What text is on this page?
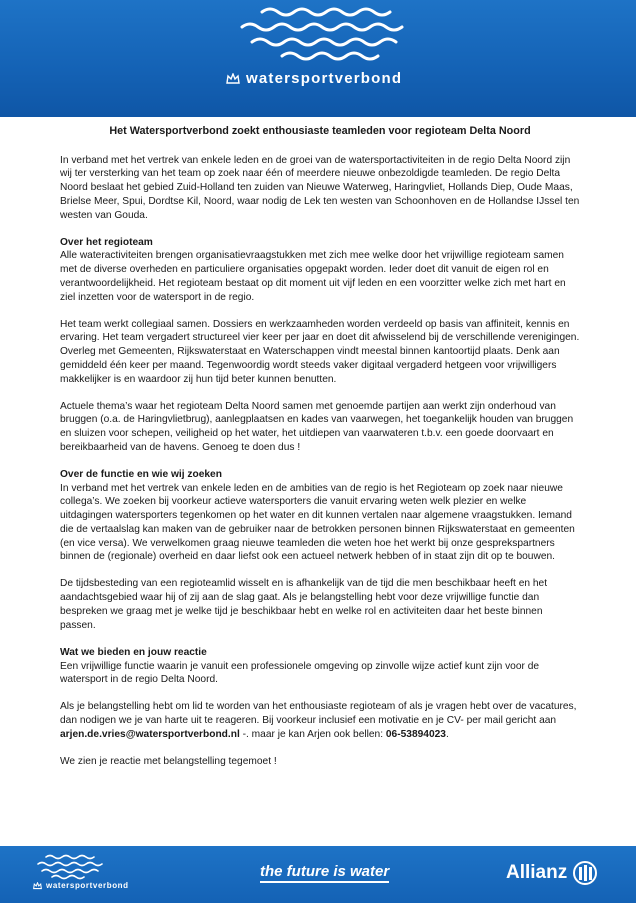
watersportverbond
Het Watersportverbond zoekt enthousiaste teamleden voor regioteam Delta Noord
In verband met het vertrek van enkele leden en de groei van de watersportactiviteiten in de regio Delta Noord zijn wij ter versterking van het team op zoek naar één of meerdere nieuwe onbezoldigde teamleden. De regio Delta Noord beslaat het gebied Zuid-Holland ten zuiden van Nieuwe Waterweg, Haringvliet, Hollands Diep, Oude Maas, Brielse Meer, Spui, Dordtse Kil, Noord, waar nodig de Lek ten westen van Schoonhoven en de Hollandse IJssel ten westen van Gouda.
Over het regioteam
Alle wateractiviteiten brengen organisatievraagstukken met zich mee welke door het vrijwillige regioteam samen met de diverse overheden en particuliere organisaties opgepakt worden. Ieder doet dit vanuit de eigen rol en verantwoordelijkheid. Het regioteam bestaat op dit moment uit vijf leden en een voorzitter welke zich met hart en ziel inzetten voor de watersport in de regio.
Het team werkt collegiaal samen. Dossiers en werkzaamheden worden verdeeld op basis van affiniteit, kennis en ervaring. Het team vergadert structureel vier keer per jaar en doet dit afwisselend bij de verschillende verenigingen. Overleg met Gemeenten, Rijkswaterstaat en Waterschappen vindt meestal binnen kantoortijd plaats. Denk aan gemiddeld één keer per maand. Tegenwoordig wordt steeds vaker digitaal vergaderd hetgeen voor vrijwilligers makkelijker is en waardoor zij hun tijd beter kunnen benutten.
Actuele thema’s waar het regioteam Delta Noord samen met genoemde partijen aan werkt zijn onderhoud van bruggen (o.a. de Haringvlietbrug), aanlegplaatsen en kades van vaarwegen, het toegankelijk houden van bruggen en sluizen voor schepen, veiligheid op het water, het uitdiepen van vaarwateren t.b.v. een goede doorvaart en bereikbaarheid van de havens. Genoeg te doen dus !
Over de functie en wie wij zoeken
In verband met het vertrek van enkele leden en de ambities van de regio is het Regioteam op zoek naar nieuwe collega’s. We zoeken bij voorkeur actieve watersporters die vanuit ervaring weten welk plezier en welke uitdagingen watersporters tegenkomen op het water en dit kunnen vertalen naar algemene vraagstukken. Iemand die de vertaalslag kan maken van de gebruiker naar de betrokken personen binnen Rijkswaterstaat en gemeenten (en vice versa). We verwelkomen graag nieuwe teamleden die weten hoe het werkt bij onze gesprekspartners binnen de (regionale) overheid en daar liefst ook een actueel netwerk hebben of in staat zijn dit op te bouwen.
De tijdsbesteding van een regioteamlid wisselt en is afhankelijk van de tijd die men beschikbaar heeft en het aandachtsgebied waar hij of zij aan de slag gaat. Als je belangstelling hebt voor deze vrijwillige functie dan bespreken we graag met je welke tijd je beschikbaar hebt en welke rol en activiteiten daar het beste binnen passen.
Wat we bieden en jouw reactie
Een vrijwillige functie waarin je vanuit een professionele omgeving op zinvolle wijze actief kunt zijn voor de watersport in de regio Delta Noord.
Als je belangstelling hebt om lid te worden van het enthousiaste regioteam of als je vragen hebt over de vacatures, dan nodigen we je van harte uit te reageren. Bij voorkeur inclusief een motivatie en je CV- per mail gericht aan arjen.de.vries@watersportverbond.nl -. maar je kan Arjen ook bellen: 06-53894023.
We zien je reactie met belangstelling tegemoet !
watersportverbond
the future is water	Allianz
